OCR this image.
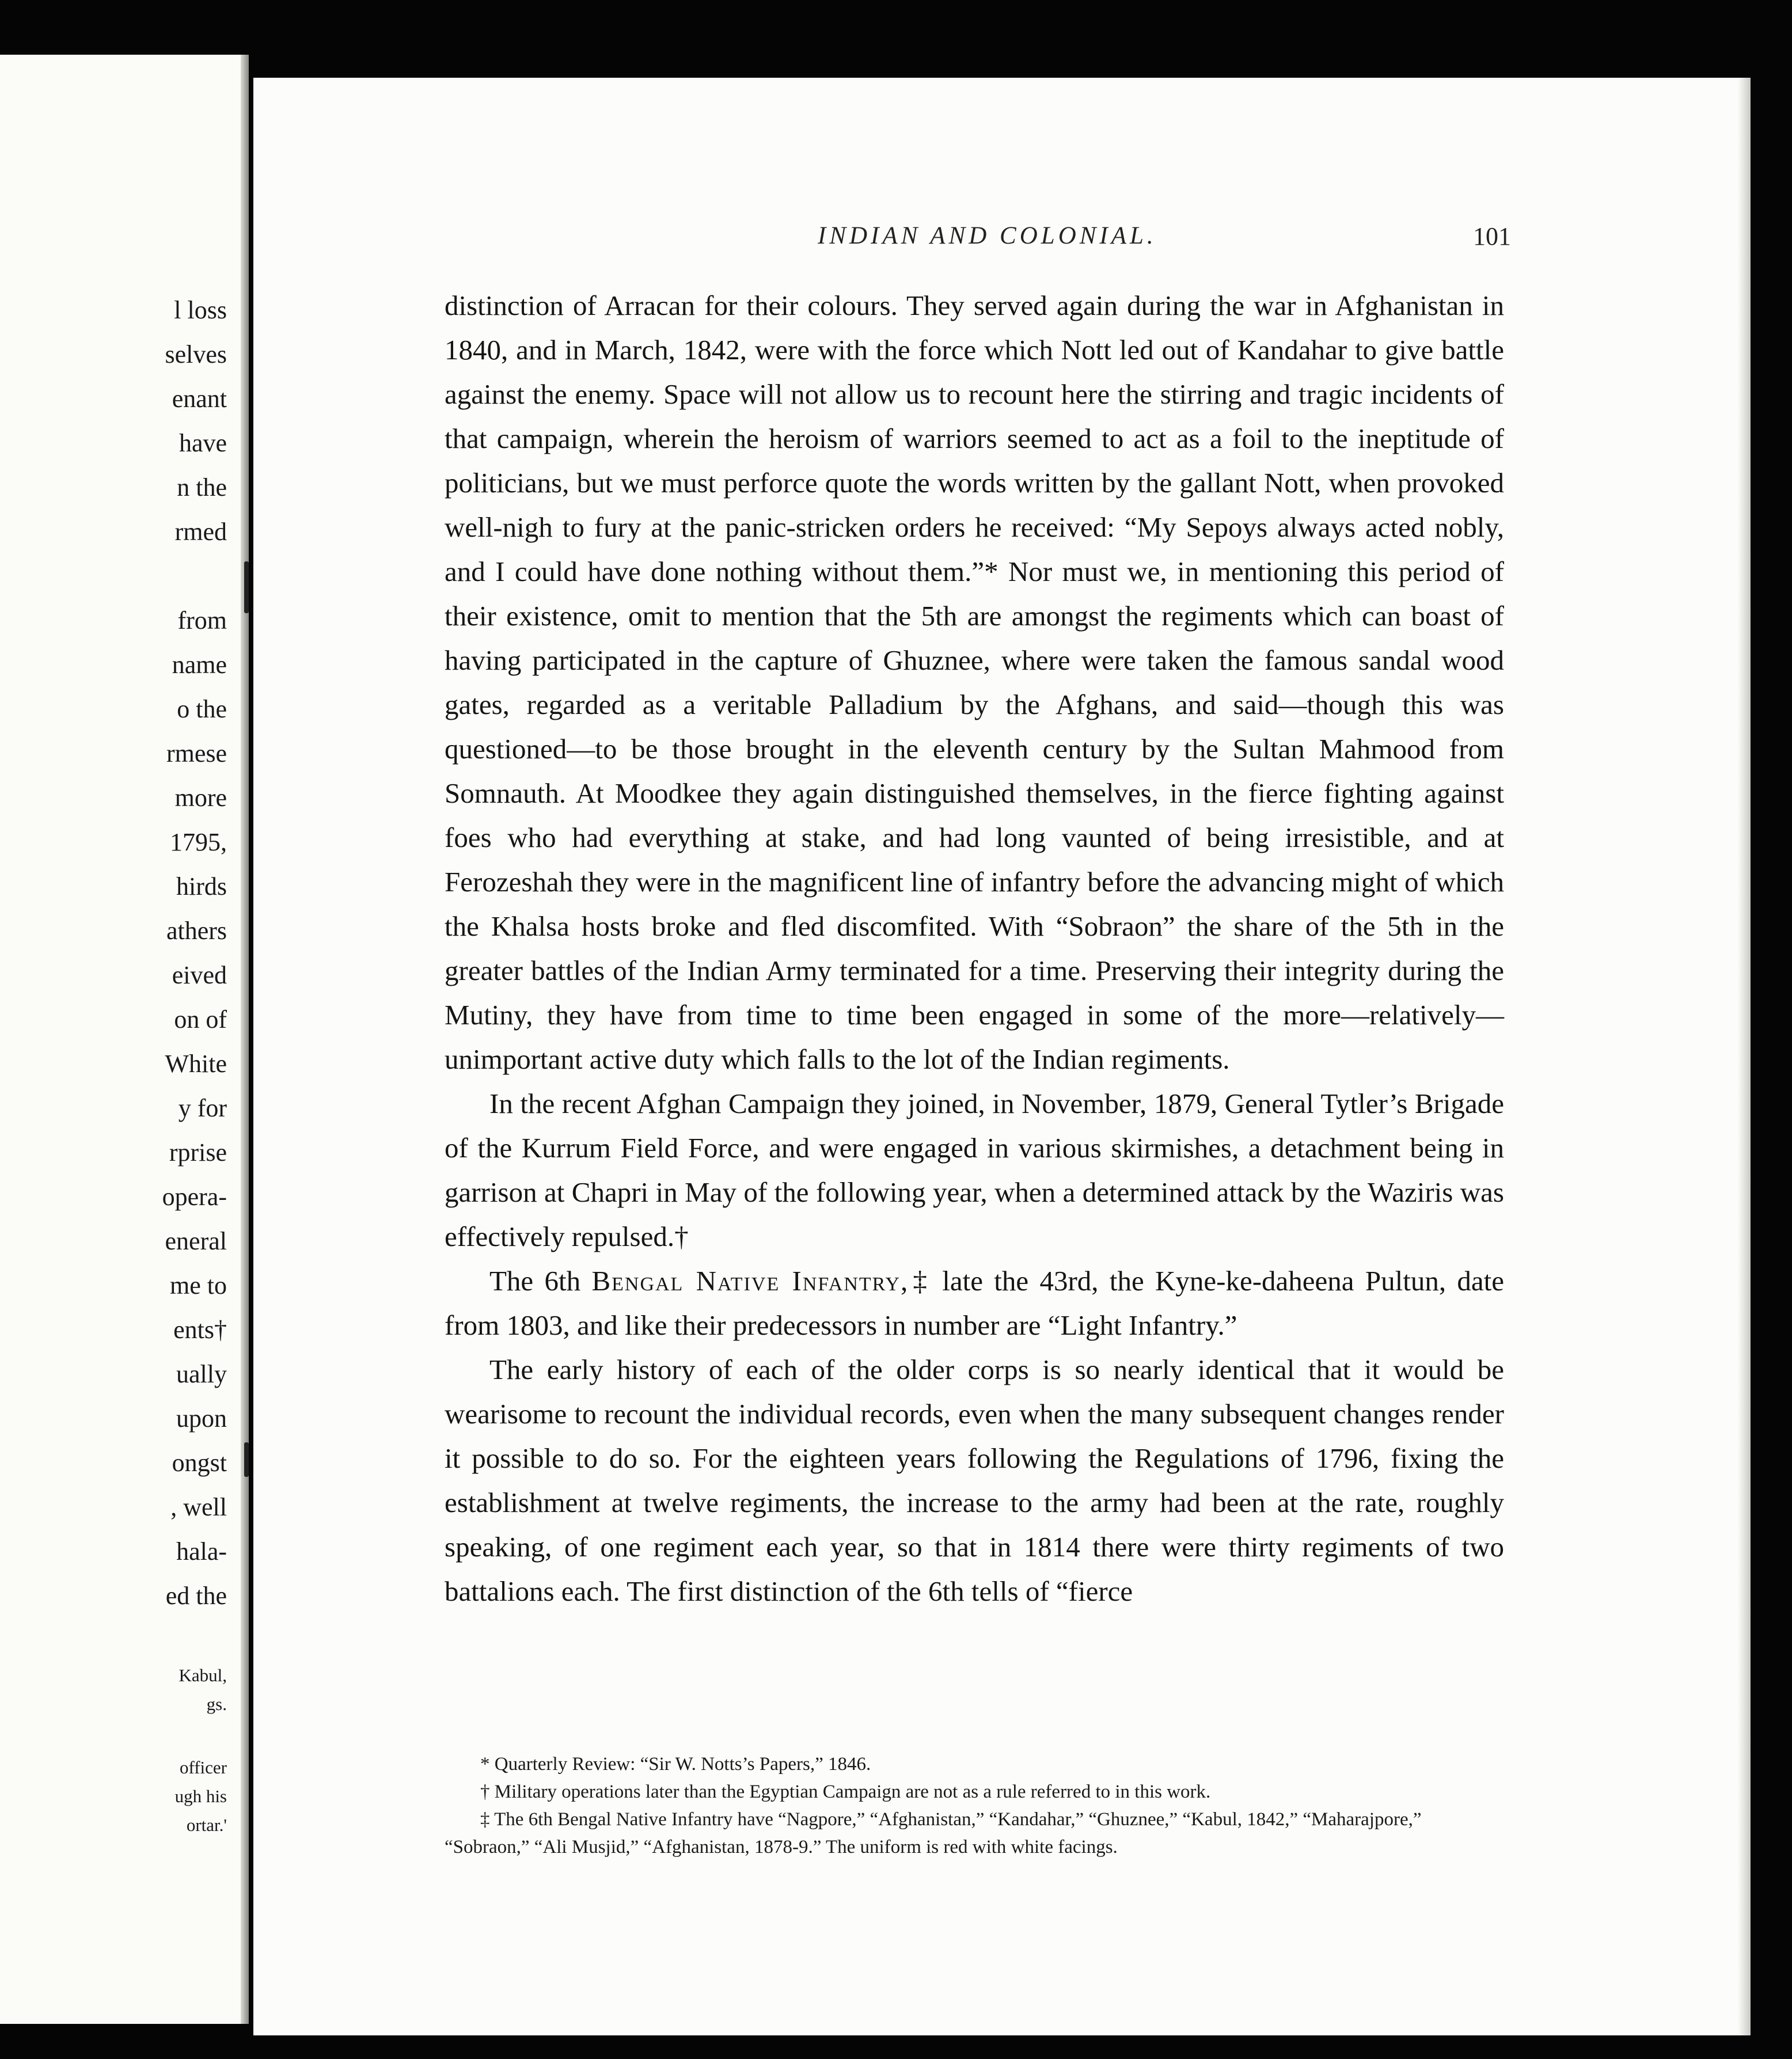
l loss
selves
enant
have
n the
rmed
from
name
o the
rmese
more
1795,
hirds
athers
eived
on of
White
y for
rprise
opera-
eneral
me to
ents†
ually
upon
ongst
, well
hala-
ed the
Kabul,
gs.
officer
ugh his
ortar.'
INDIAN AND COLONIAL.	101

distinction of Arracan for their colours. They served again during the war in Afghanistan in 1840, and in March, 1842, were with the force which Nott led out of Kandahar to give battle against the enemy. Space will not allow us to recount here the stirring and tragic incidents of that campaign, wherein the heroism of warriors seemed to act as a foil to the ineptitude of politicians, but we must perforce quote the words written by the gallant Nott, when provoked well-nigh to fury at the panic-stricken orders he received: “My Sepoys always acted nobly, and I could have done nothing without them.”* Nor must we, in mentioning this period of their existence, omit to mention that the 5th are amongst the regiments which can boast of having participated in the capture of Ghuznee, where were taken the famous sandal wood gates, regarded as a veritable Palladium by the Afghans, and said—though this was questioned—to be those brought in the eleventh century by the Sultan Mahmood from Somnauth. At Moodkee they again distinguished themselves, in the fierce fighting against foes who had everything at stake, and had long vaunted of being irresistible, and at Ferozeshah they were in the magnificent line of infantry before the advancing might of which the Khalsa hosts broke and fled discomfited. With “Sobraon” the share of the 5th in the greater battles of the Indian Army terminated for a time. Preserving their integrity during the Mutiny, they have from time to time been engaged in some of the more—relatively—unimportant active duty which falls to the lot of the Indian regiments.

In the recent Afghan Campaign they joined, in November, 1879, General Tytler’s Brigade of the Kurrum Field Force, and were engaged in various skirmishes, a detachment being in garrison at Chapri in May of the following year, when a determined attack by the Waziris was effectively repulsed.†

The 6th Bengal Native Infantry,‡ late the 43rd, the Kyne-ke-daheena Pultun, date from 1803, and like their predecessors in number are “Light Infantry.”

The early history of each of the older corps is so nearly identical that it would be wearisome to recount the individual records, even when the many subsequent changes render it possible to do so. For the eighteen years following the Regulations of 1796, fixing the establishment at twelve regiments, the increase to the army had been at the rate, roughly speaking, of one regiment each year, so that in 1814 there were thirty regiments of two battalions each. The first distinction of the 6th tells of “fierce

* Quarterly Review: “Sir W. Notts’s Papers,” 1846.

† Military operations later than the Egyptian Campaign are not as a rule referred to in this work.

‡ The 6th Bengal Native Infantry have “Nagpore,” “Afghanistan,” “Kandahar,” “Ghuznee,” “Kabul, 1842,” “Maharajpore,” “Sobraon,” “Ali Musjid,” “Afghanistan, 1878-9.” The uniform is red with white facings.
